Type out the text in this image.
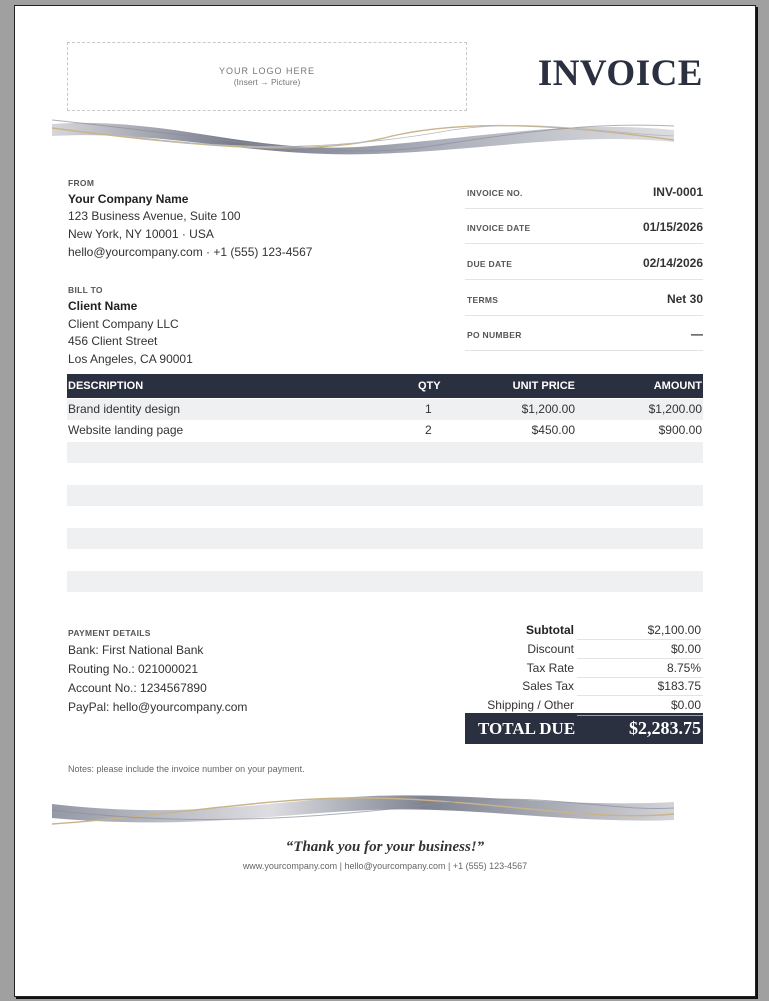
YOUR LOGO HERE
(Insert → Picture)	INVOICE
FROM
Your Company Name
123 Business Avenue, Suite 100
New York, NY 10001 · USA
hello@yourcompany.com · +1 (555) 123-4567
BILL TO
Client Name
Client Company LLC
456 Client Street
Los Angeles, CA 90001
INVOICE NO.	INV-0001
INVOICE DATE	01/15/2026
DUE DATE	02/14/2026
TERMS	Net 30
PO NUMBER	—
DESCRIPTION	QTY	UNIT PRICE	AMOUNT
Brand identity design	1	$1,200.00	$1,200.00
Website landing page	2	$450.00	$900.00
PAYMENT DETAILS
Bank: First National Bank
Routing No.: 021000021
Account No.: 1234567890
PayPal: hello@yourcompany.com
Subtotal	$2,100.00
Discount	$0.00
Tax Rate	8.75%
Sales Tax	$183.75
Shipping / Other	$0.00
TOTAL DUE	$2,283.75
Notes: please include the invoice number on your payment.
“Thank you for your business!”
www.yourcompany.com | hello@yourcompany.com | +1 (555) 123-4567
